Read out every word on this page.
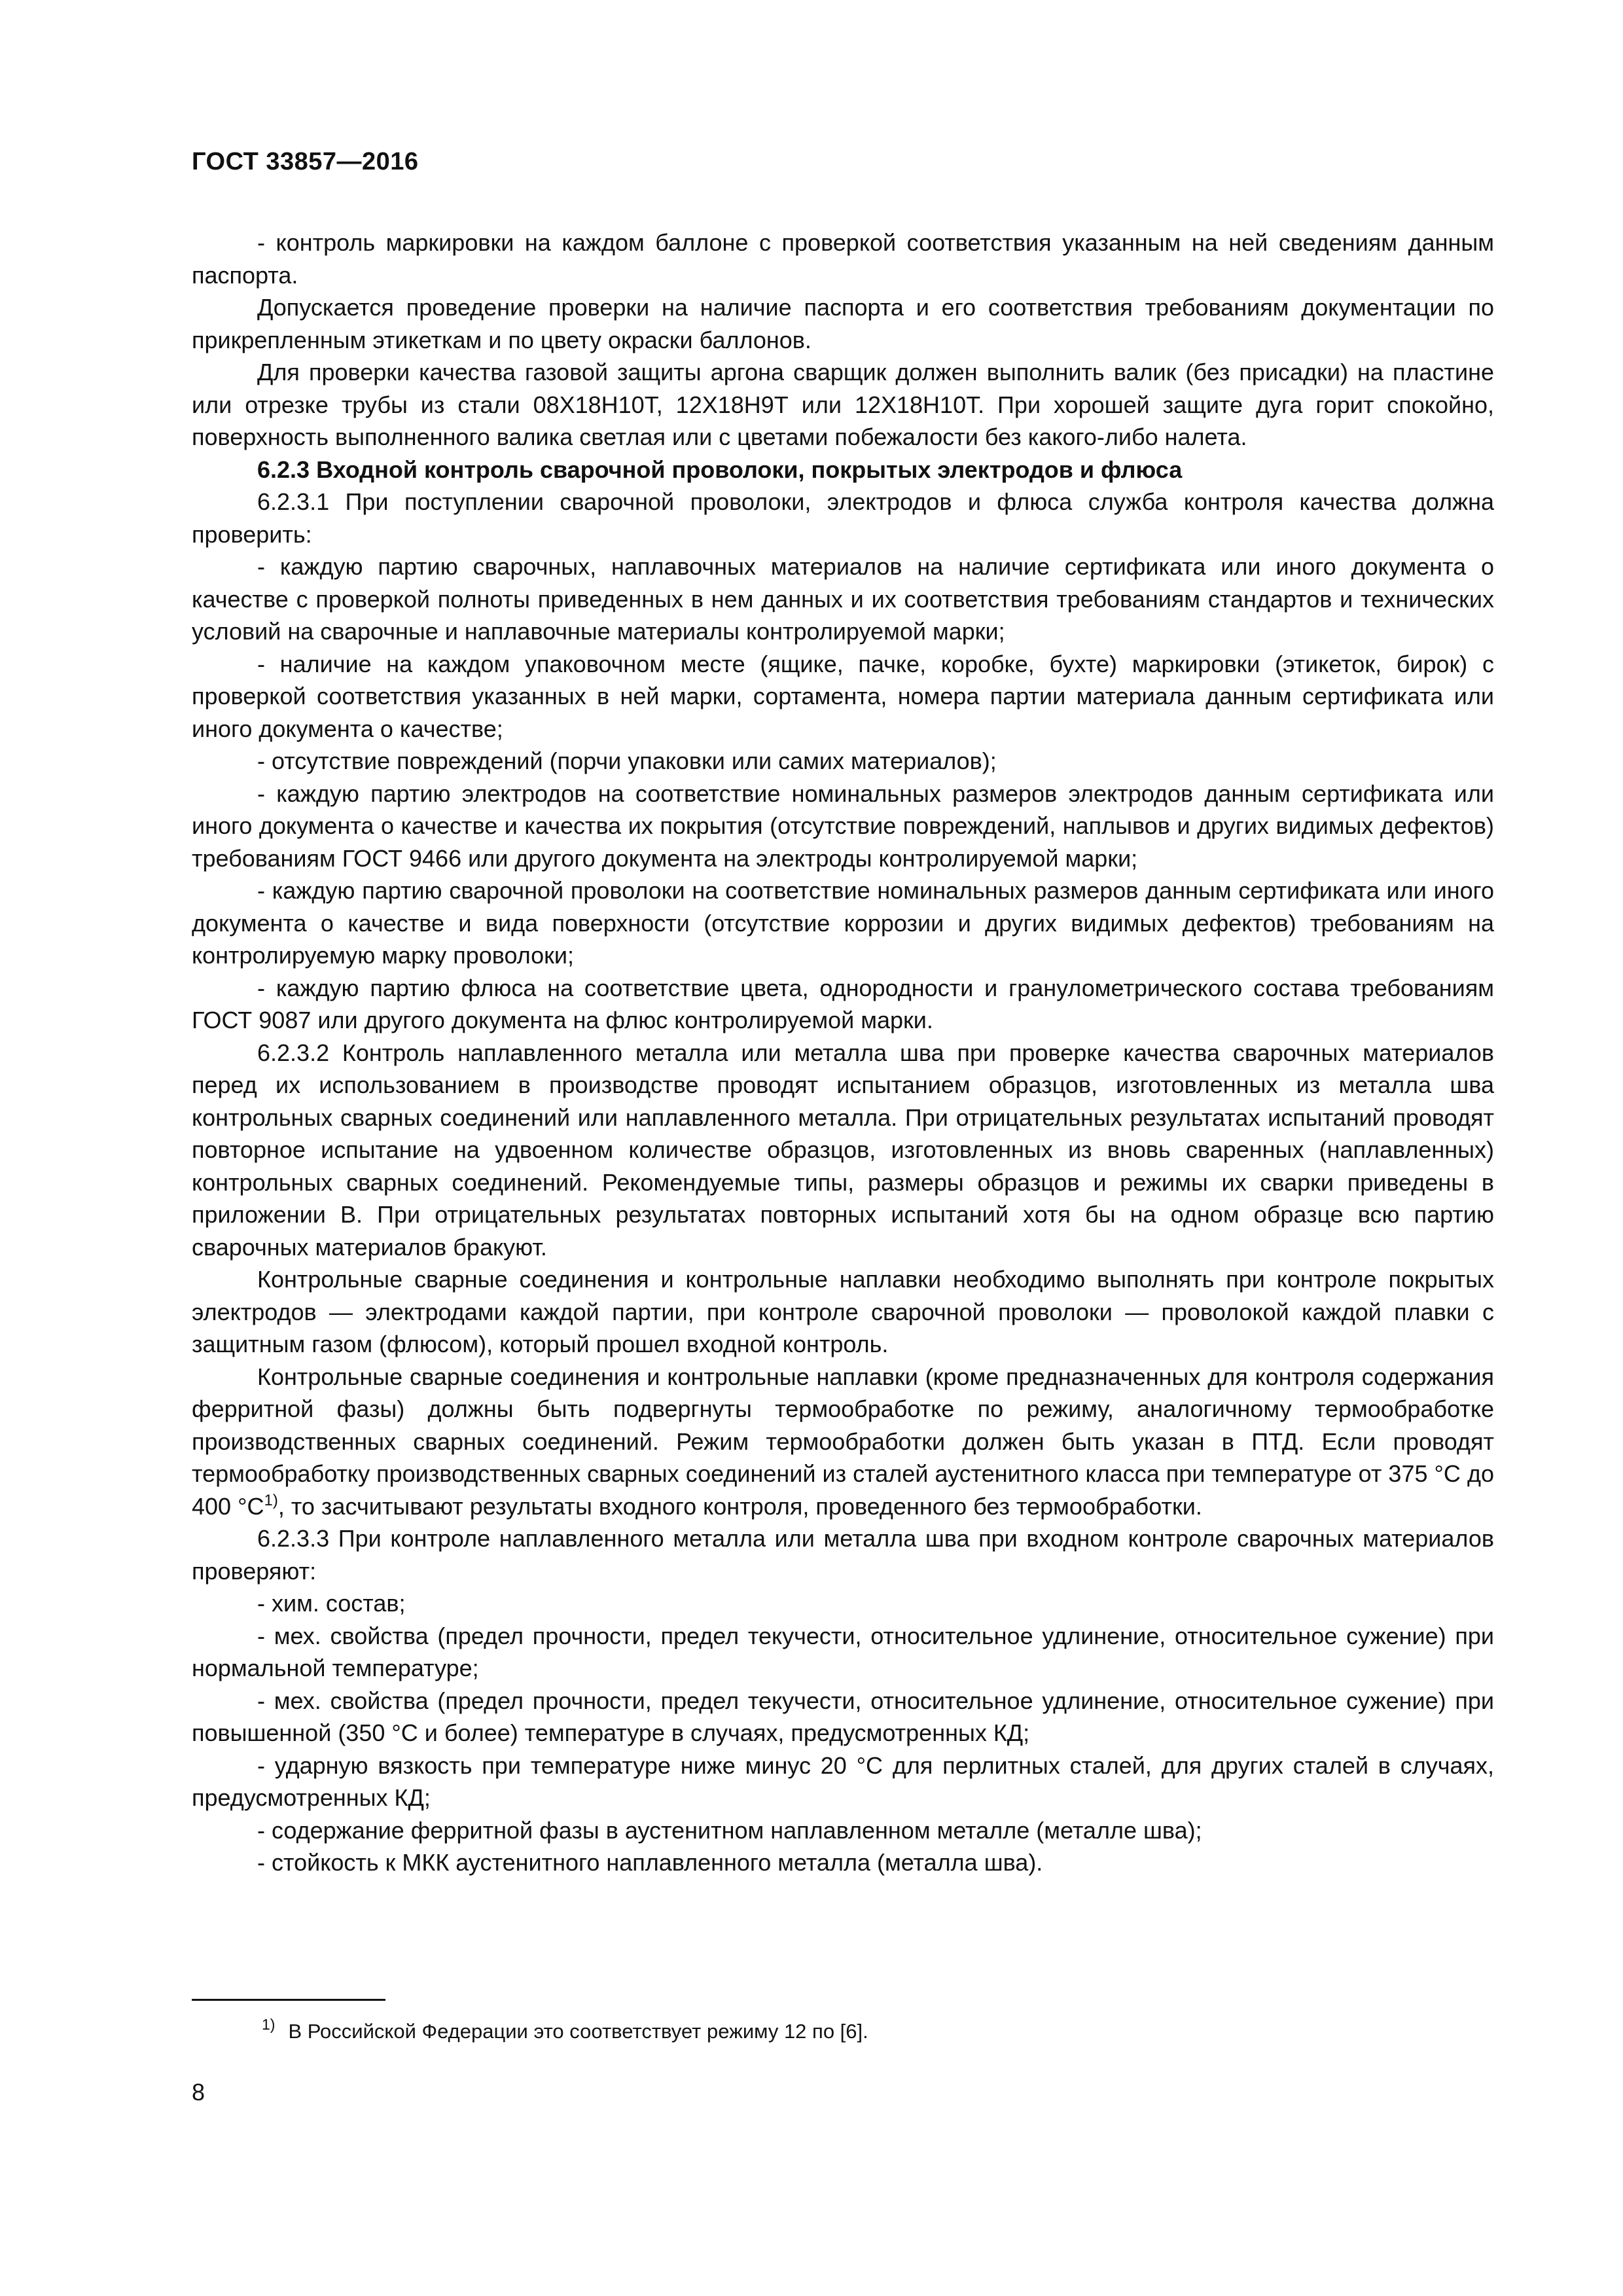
ГОСТ 33857—2016

- контроль маркировки на каждом баллоне с проверкой соответствия указанным на ней сведениям данным паспорта.

Допускается проведение проверки на наличие паспорта и его соответствия требованиям документации по прикрепленным этикеткам и по цвету окраски баллонов.

Для проверки качества газовой защиты аргона сварщик должен выполнить валик (без присадки) на пластине или отрезке трубы из стали 08Х18Н10Т, 12Х18Н9Т или 12Х18Н10Т. При хорошей защите дуга горит спокойно, поверхность выполненного валика светлая или с цветами побежалости без какого-либо налета.

6.2.3 Входной контроль сварочной проволоки, покрытых электродов и флюса

6.2.3.1 При поступлении сварочной проволоки, электродов и флюса служба контроля качества должна проверить:

- каждую партию сварочных, наплавочных материалов на наличие сертификата или иного документа о качестве с проверкой полноты приведенных в нем данных и их соответствия требованиям стандартов и технических условий на сварочные и наплавочные материалы контролируемой марки;

- наличие на каждом упаковочном месте (ящике, пачке, коробке, бухте) маркировки (этикеток, бирок) с проверкой соответствия указанных в ней марки, сортамента, номера партии материала данным сертификата или иного документа о качестве;

- отсутствие повреждений (порчи упаковки или самих материалов);

- каждую партию электродов на соответствие номинальных размеров электродов данным сертификата или иного документа о качестве и качества их покрытия (отсутствие повреждений, наплывов и других видимых дефектов) требованиям ГОСТ 9466 или другого документа на электроды контролируемой марки;

- каждую партию сварочной проволоки на соответствие номинальных размеров данным сертификата или иного документа о качестве и вида поверхности (отсутствие коррозии и других видимых дефектов) требованиям на контролируемую марку проволоки;

- каждую партию флюса на соответствие цвета, однородности и гранулометрического состава требованиям ГОСТ 9087 или другого документа на флюс контролируемой марки.

6.2.3.2 Контроль наплавленного металла или металла шва при проверке качества сварочных материалов перед их использованием в производстве проводят испытанием образцов, изготовленных из металла шва контрольных сварных соединений или наплавленного металла. При отрицательных результатах испытаний проводят повторное испытание на удвоенном количестве образцов, изготовленных из вновь сваренных (наплавленных) контрольных сварных соединений. Рекомендуемые типы, размеры образцов и режимы их сварки приведены в приложении В. При отрицательных результатах повторных испытаний хотя бы на одном образце всю партию сварочных материалов бракуют.

Контрольные сварные соединения и контрольные наплавки необходимо выполнять при контроле покрытых электродов — электродами каждой партии, при контроле сварочной проволоки — проволокой каждой плавки с защитным газом (флюсом), который прошел входной контроль.

Контрольные сварные соединения и контрольные наплавки (кроме предназначенных для контроля содержания ферритной фазы) должны быть подвергнуты термообработке по режиму, аналогичному термообработке производственных сварных соединений. Режим термообработки должен быть указан в ПТД. Если проводят термообработку производственных сварных соединений из сталей аустенитного класса при температуре от 375 °С до 400 $^\circ С^{1)}$, то засчитывают результаты входного контроля, проведенного без термообработки.

6.2.3.3 При контроле наплавленного металла или металла шва при входном контроле сварочных материалов проверяют:

- хим. состав;

- мех. свойства (предел прочности, предел текучести, относительное удлинение, относительное сужение) при нормальной температуре;

- мех. свойства (предел прочности, предел текучести, относительное удлинение, относительное сужение) при повышенной (350 °С и более) температуре в случаях, предусмотренных КД;

- ударную вязкость при температуре ниже минус 20 °С для перлитных сталей, для других сталей в случаях, предусмотренных КД;

- содержание ферритной фазы в аустенитном наплавленном металле (металле шва);

- стойкость к МКК аустенитного наплавленного металла (металла шва).

$^{1)}$ В Российской Федерации это соответствует режиму 12 по [6].
8
